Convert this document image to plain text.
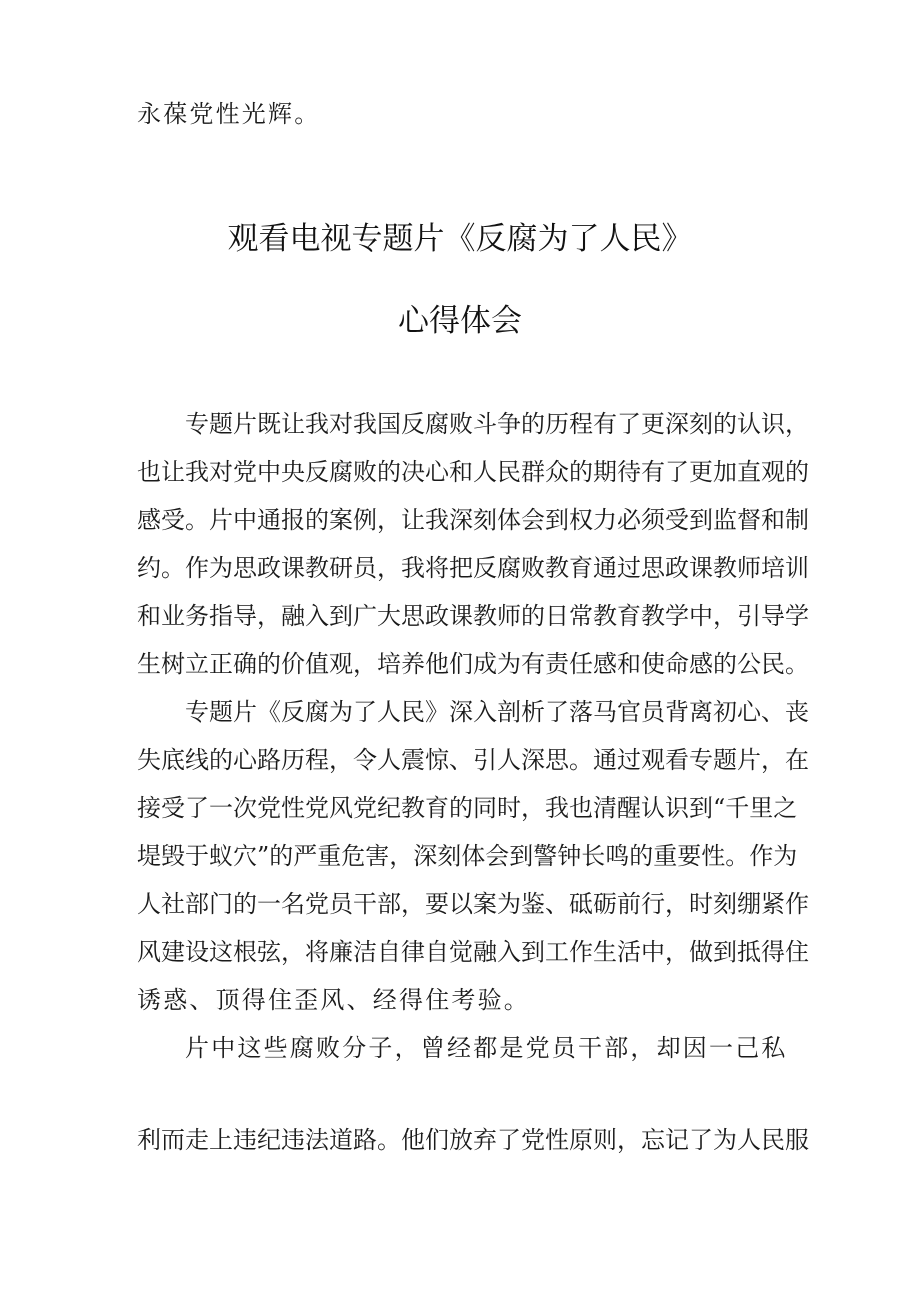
永葆党性光辉。
观看电视专题片《反腐为了人民》
心得体会
专题片既让我对我国反腐败斗争的历程有了更深刻的认识，
也让我对党中央反腐败的决心和人民群众的期待有了更加直观的
感受。片中通报的案例，让我深刻体会到权力必须受到监督和制
约。作为思政课教研员，我将把反腐败教育通过思政课教师培训
和业务指导，融入到广大思政课教师的日常教育教学中，引导学
生树立正确的价值观，培养他们成为有责任感和使命感的公民。
专题片《反腐为了人民》深入剖析了落马官员背离初心、丧
失底线的心路历程，令人震惊、引人深思。通过观看专题片，在
接受了一次党性党风党纪教育的同时，我也清醒认识到“千里之
堤毁于蚁穴”的严重危害，深刻体会到警钟长鸣的重要性。作为
人社部门的一名党员干部，要以案为鉴、砥砺前行，时刻绷紧作
风建设这根弦，将廉洁自律自觉融入到工作生活中，做到抵得住
诱惑、顶得住歪风、经得住考验。
片中这些腐败分子，曾经都是党员干部，却因一己私
利而走上违纪违法道路。他们放弃了党性原则，忘记了为人民服
